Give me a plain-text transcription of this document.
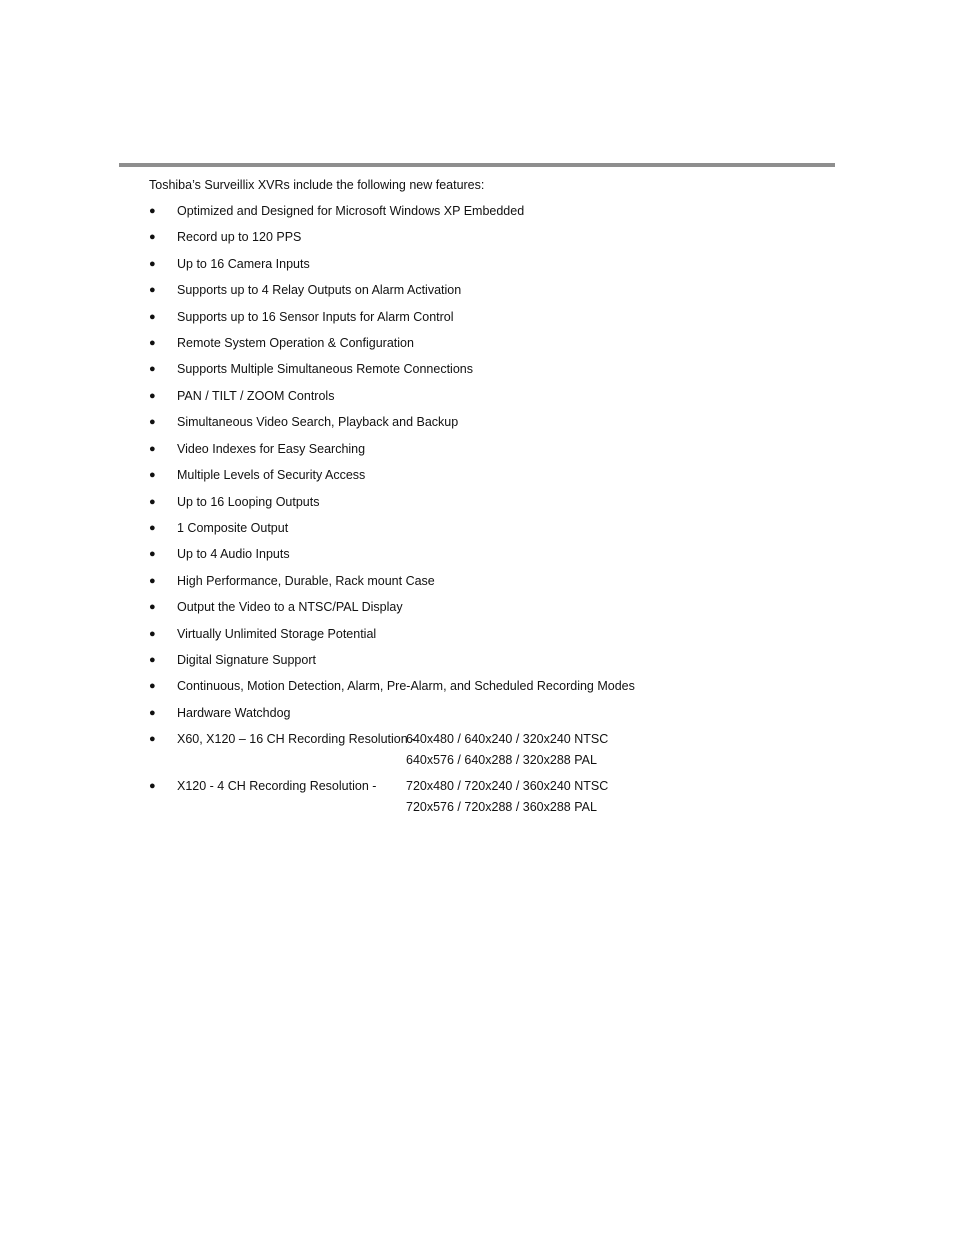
Toshiba’s Surveillix XVRs include the following new features:

●
Optimized and Designed for Microsoft Windows XP Embedded
●
Record up to 120 PPS
●
Up to 16 Camera Inputs
●
Supports up to 4 Relay Outputs on Alarm Activation
●
Supports up to 16 Sensor Inputs for Alarm Control
●
Remote System Operation & Configuration
●
Supports Multiple Simultaneous Remote Connections
●
PAN / TILT / ZOOM Controls
●
Simultaneous Video Search, Playback and Backup
●
Video Indexes for Easy Searching
●
Multiple Levels of Security Access
●
Up to 16 Looping Outputs
●
1 Composite Output
●
Up to 4 Audio Inputs
●
High Performance, Durable, Rack mount Case
●
Output the Video to a NTSC/PAL Display
●
Virtually Unlimited Storage Potential
●
Digital Signature Support
●
Continuous, Motion Detection, Alarm, Pre-Alarm, and Scheduled Recording Modes
●
Hardware Watchdog
●
X60, X120 – 16 CH Recording Resolution -
640x480 / 640x240 / 320x240 NTSC
640x576 / 640x288 / 320x288 PAL
●
X120 - 4 CH Recording Resolution - 720x480 / 720x240 / 360x240 NTSC
720x576 / 720x288 / 360x288 PAL
